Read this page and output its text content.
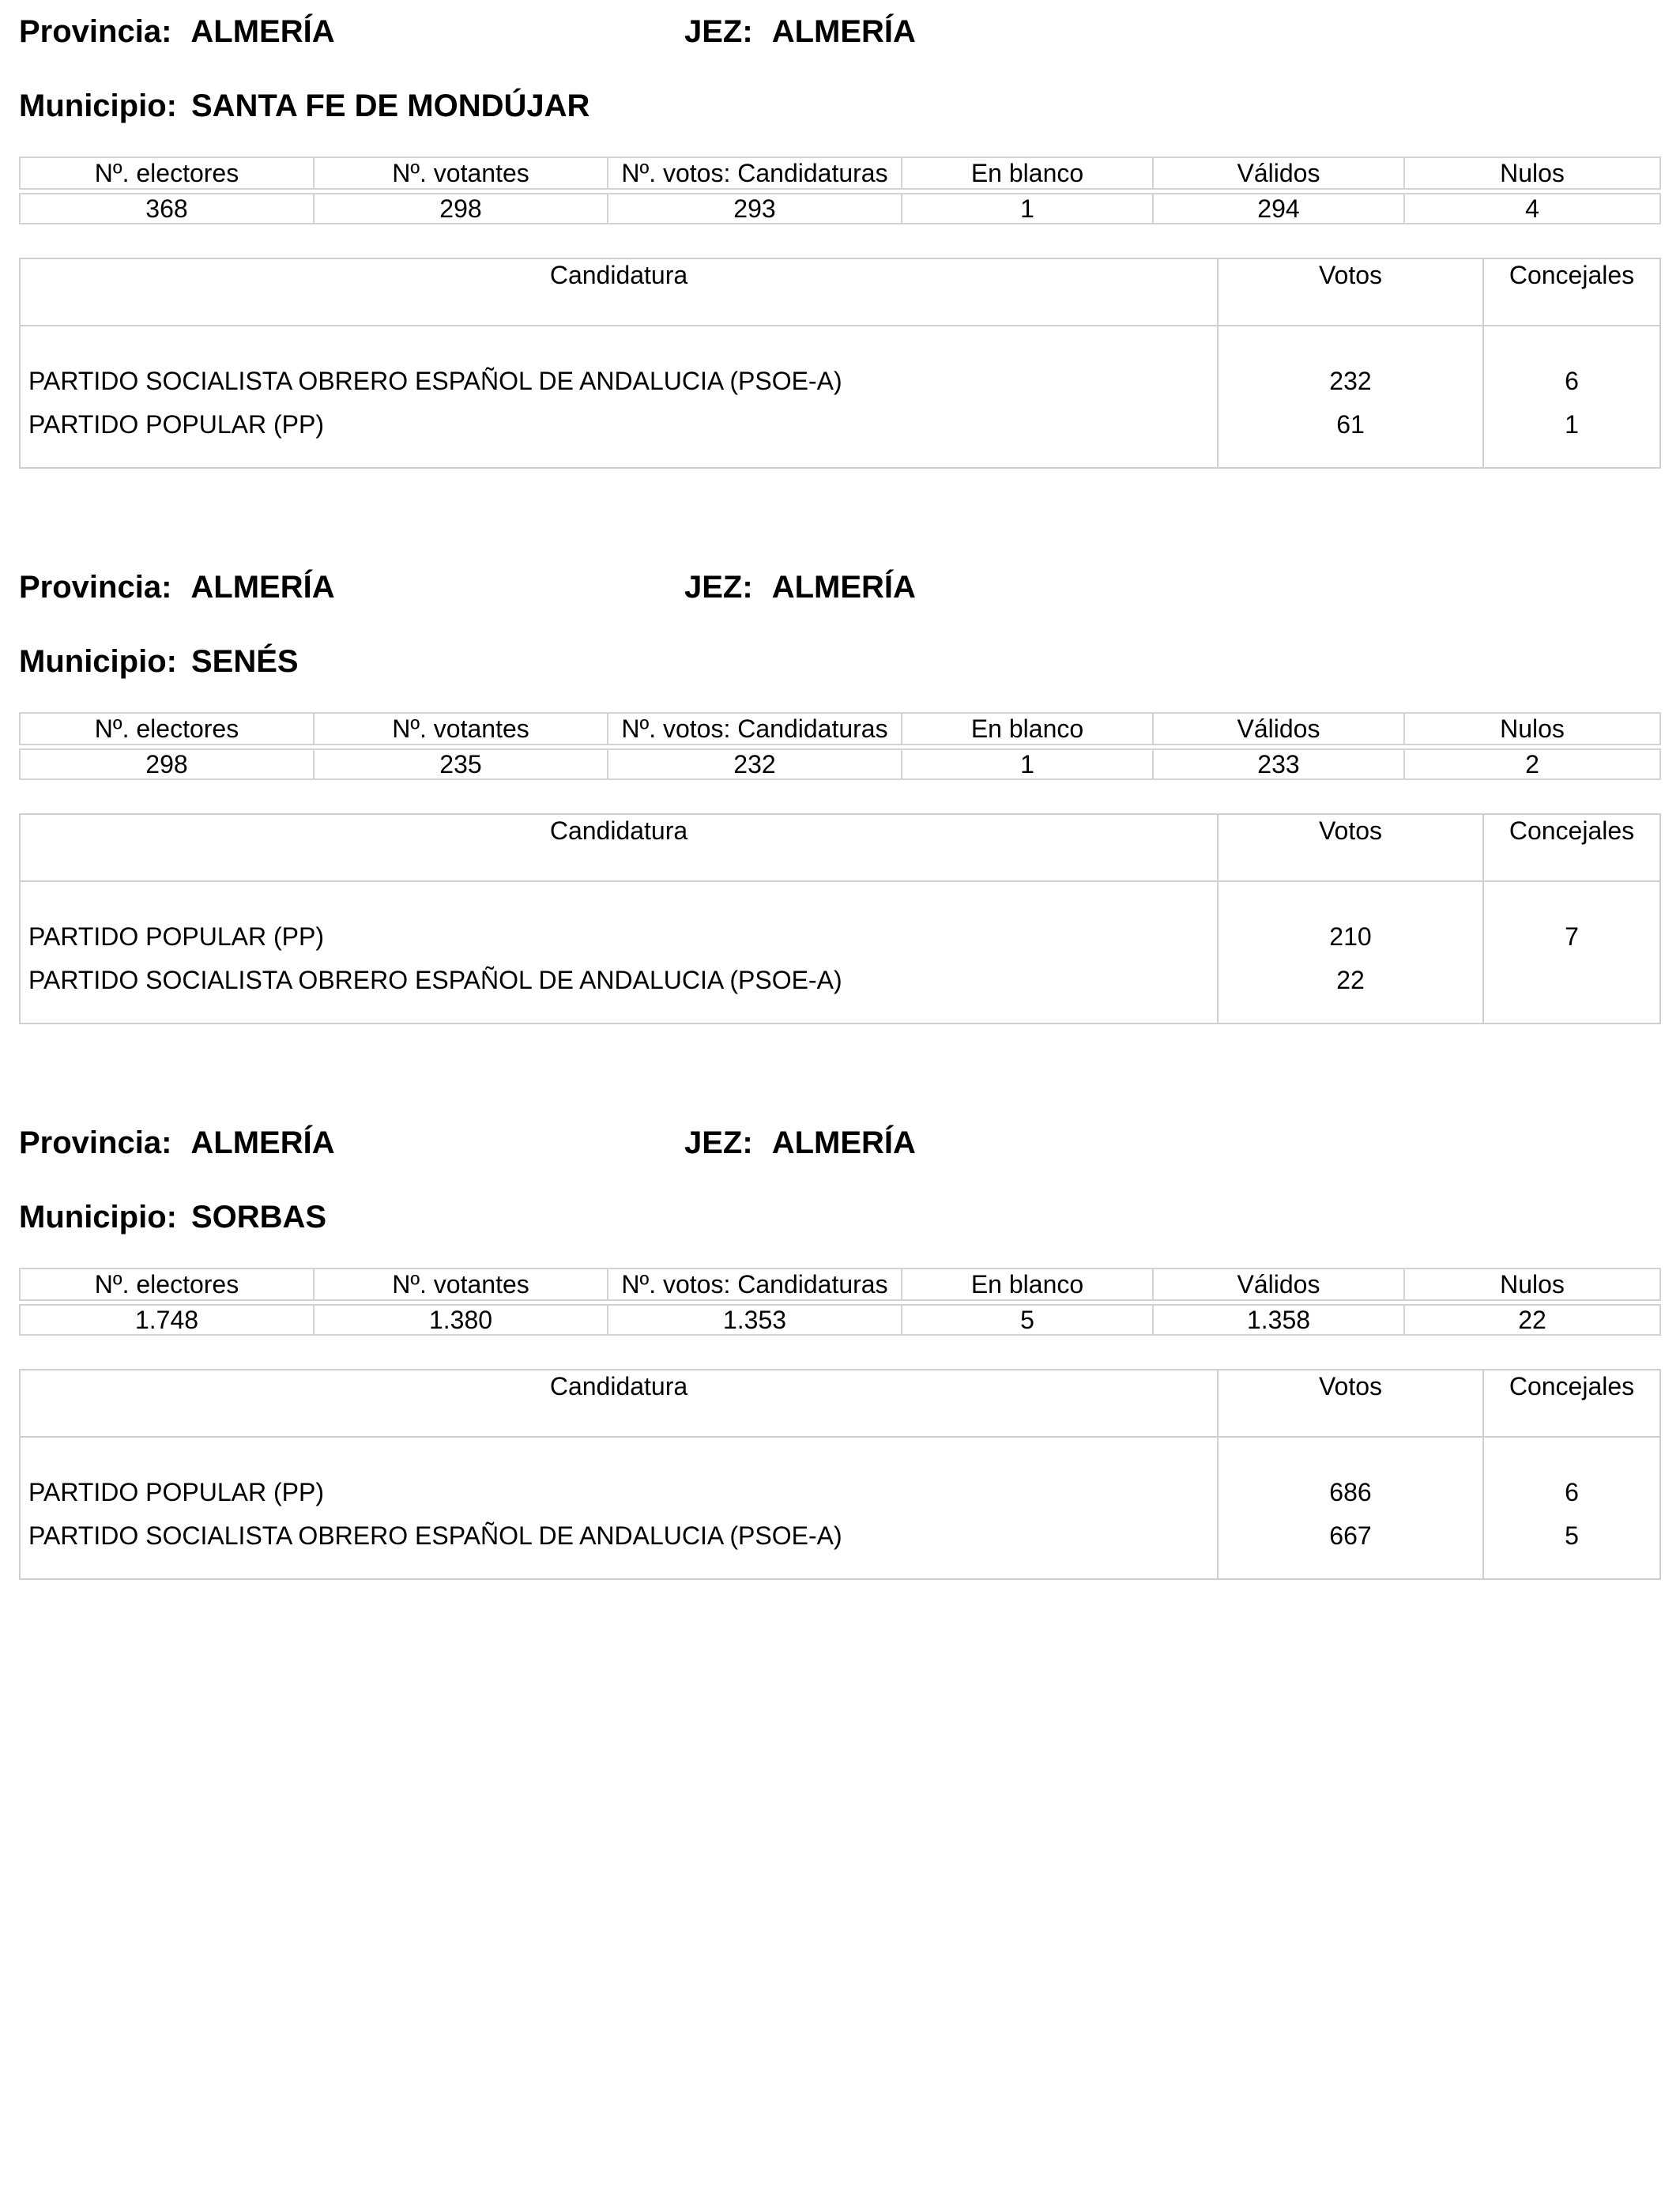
Provincia: ALMERÍA	JEZ: ALMERÍA
Municipio: SANTA FE DE MONDÚJAR
Nº. electores	Nº. votantes	Nº. votos: Candidaturas	En blanco	Válidos	Nulos

368	298	293	1	294	4
Candidatura	Votos	Concejales
PARTIDO SOCIALISTA OBRERO ESPAÑOL DE ANDALUCIA (PSOE-A)	232	6
PARTIDO POPULAR (PP)	61	1
Provincia: ALMERÍA	JEZ: ALMERÍA
Municipio: SENÉS
Nº. electores	Nº. votantes	Nº. votos: Candidaturas	En blanco	Válidos	Nulos

298	235	232	1	233	2
Candidatura	Votos	Concejales
PARTIDO POPULAR (PP)	210	7
PARTIDO SOCIALISTA OBRERO ESPAÑOL DE ANDALUCIA (PSOE-A)	22	
Provincia: ALMERÍA	JEZ: ALMERÍA
Municipio: SORBAS
Nº. electores	Nº. votantes	Nº. votos: Candidaturas	En blanco	Válidos	Nulos

1.748	1.380	1.353	5	1.358	22
Candidatura	Votos	Concejales
PARTIDO POPULAR (PP)	686	6
PARTIDO SOCIALISTA OBRERO ESPAÑOL DE ANDALUCIA (PSOE-A)	667	5
